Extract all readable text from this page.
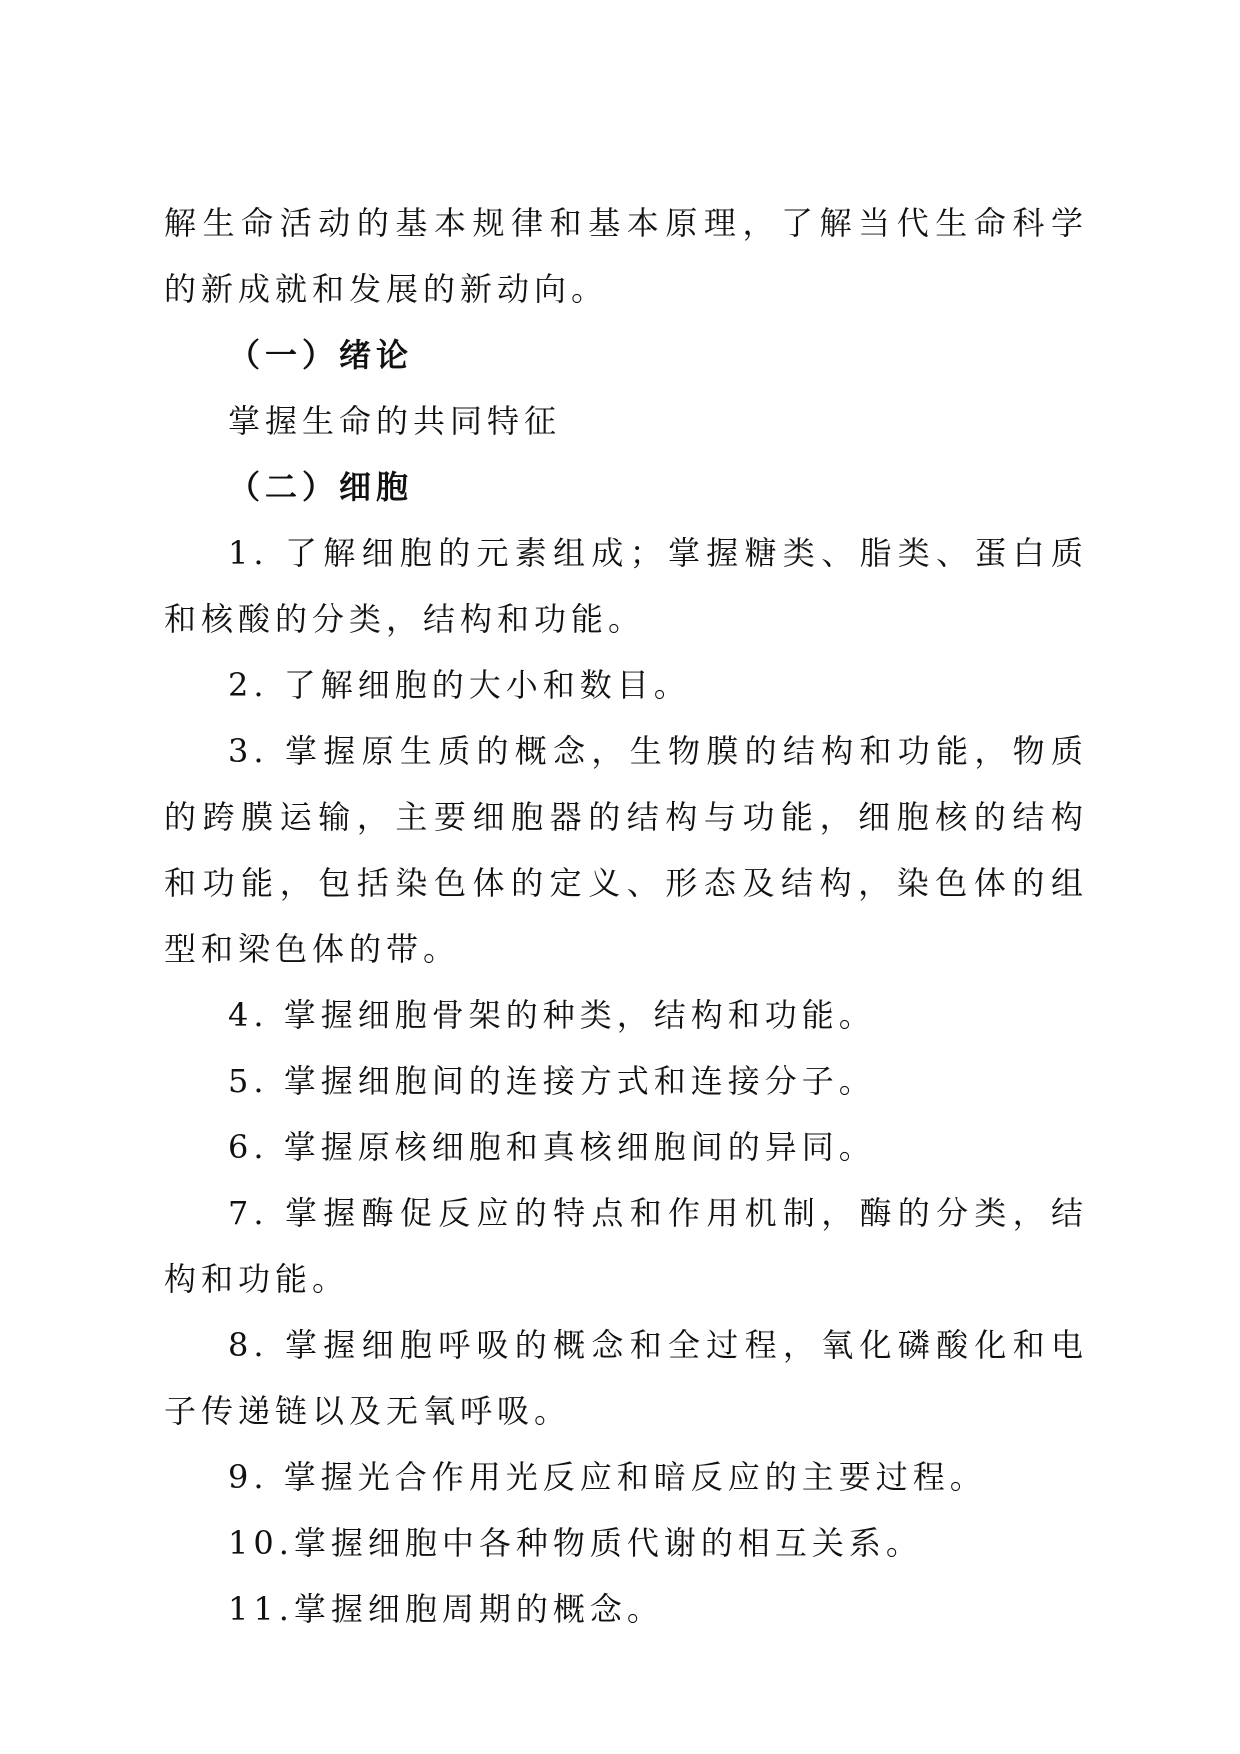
解生命活动的基本规律和基本原理，了解当代生命科学的新成就和发展的新动向。

（一）绪论

掌握生命的共同特征

（二）细胞

1. 了解细胞的元素组成；掌握糖类、脂类、蛋白质和核酸的分类，结构和功能。

2. 了解细胞的大小和数目。

3. 掌握原生质的概念，生物膜的结构和功能，物质的跨膜运输，主要细胞器的结构与功能，细胞核的结构和功能，包括染色体的定义、形态及结构，染色体的组型和梁色体的带。

4. 掌握细胞骨架的种类，结构和功能。

5. 掌握细胞间的连接方式和连接分子。

6. 掌握原核细胞和真核细胞间的异同。

7. 掌握酶促反应的特点和作用机制，酶的分类，结构和功能。

8. 掌握细胞呼吸的概念和全过程，氧化磷酸化和电子传递链以及无氧呼吸。

9. 掌握光合作用光反应和暗反应的主要过程。

10.掌握细胞中各种物质代谢的相互关系。

11.掌握细胞周期的概念。
